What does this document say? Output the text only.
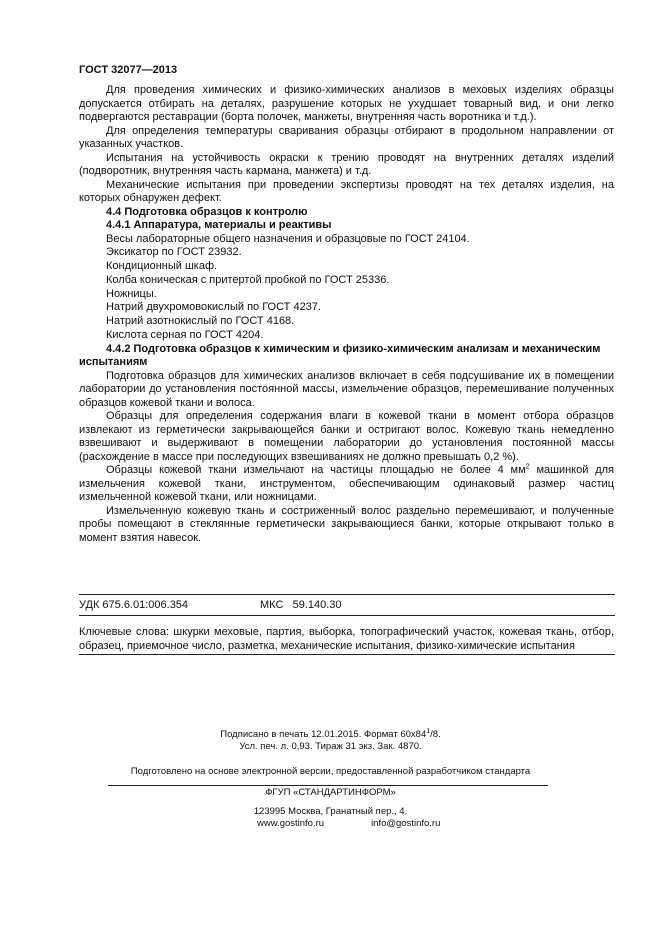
ГОСТ 32077—2013

Для проведения химических и физико-химических анализов в меховых изделиях образцы допускается отбирать на деталях, разрушение которых не ухудшает товарный вид, и они легко подвергаются реставрации (борта полочек, манжеты, внутренняя часть воротника и т.д.).

Для определения температуры сваривания образцы отбирают в продольном направлении от указанных участков.

Испытания на устойчивость окраски к трению проводят на внутренних деталях изделий (подворотник, внутренняя часть кармана, манжета) и т.д.

Механические испытания при проведении экспертизы проводят на тех деталях изделия, на которых обнаружен дефект.

4.4 Подготовка образцов к контролю

4.4.1 Аппаратура, материалы и реактивы

Весы лабораторные общего назначения и образцовые по ГОСТ 24104.

Эксикатор по ГОСТ 23932.

Кондиционный шкаф.

Колба коническая с притертой пробкой по ГОСТ 25336.

Ножницы.

Натрий двухромовокислый по ГОСТ 4237.

Натрий азотнокислый по ГОСТ 4168.

Кислота серная по ГОСТ 4204.

4.4.2 Подготовка образцов к химическим и физико-химическим анализам и механическим испытаниям

Подготовка образцов для химических анализов включает в себя подсушивание их в помещении лаборатории до установления постоянной массы, измельчение образцов, перемешивание полученных образцов кожевой ткани и волоса.

Образцы для определения содержания влаги в кожевой ткани в момент отбора образцов извлекают из герметически закрывающейся банки и остригают волос. Кожевую ткань немедленно взвешивают и выдерживают в помещении лаборатории до установления постоянной массы (расхождение в массе при последующих взвешиваниях не должно превышать 0,2 %).

Образцы кожевой ткани измельчают на частицы площадью не более 4 $мм^2$ машинкой для измельчения кожевой ткани, инструментом, обеспечивающим одинаковый размер частиц измельченной кожевой ткани, или ножницами.

Измельченную кожевую ткань и состриженный волос раздельно перемешивают, и полученные пробы помещают в стеклянные герметически закрывающиеся банки, которые открывают только в момент взятия навесок.

УДК 675.6.01:006.354	МКС 59.140.30

Ключевые слова: шкурки меховые, партия, выборка, топографический участок, кожевая ткань, отбор, образец, приемочное число, разметка, механические испытания, физико-химические испытания

Подписано в печать 12.01.2015. Формат $60x84^1/8$.
Усл. печ. л. 0,93. Тираж 31 экз. Зак. 4870.
Подготовлено на основе электронной версии, предоставленной разработчиком стандарта
ФГУП «СТАНДАРТИНФОРМ»
123995 Москва, Гранатный пер., 4.
www.gostinfo.ru	info@gostinfo.ru
